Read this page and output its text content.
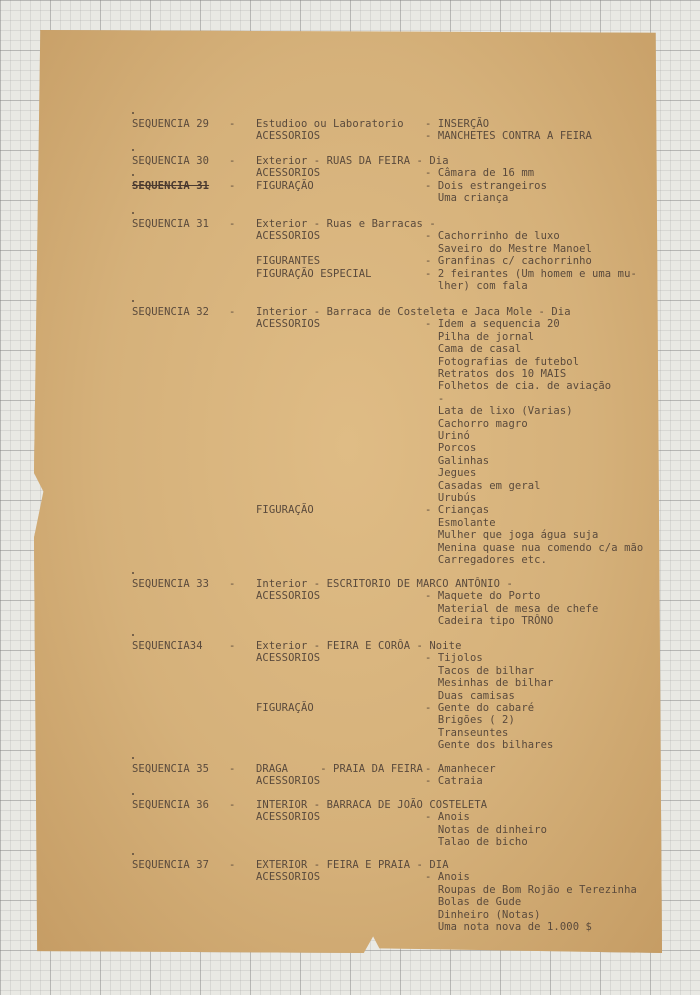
SEQUENCIA 29 - Estudioo ou Laboratorio - INSERÇÃO
ACESSORIOS	- MANCHETES CONTRA A FEIRA
SEQUENCIA 30 - Exterior - RUAS DA FEIRA - Dia
ACESSORIOS	- Câmara de 16 mm
SEQUENCIA 31 - FIGURAÇÃO	- Dois estrangeiros
Uma criança
SEQUENCIA 31 - Exterior - Ruas e Barracas -
ACESSORIOS	- Cachorrinho de luxo
Saveiro do Mestre Manoel
FIGURANTES	- Granfinas c/ cachorrinho
FIGURAÇÃO ESPECIAL	- 2 feirantes (Um homem e uma mu-
lher) com fala
SEQUENCIA 32 - Interior - Barraca de Costeleta e Jaca Mole - Dia
ACESSORIOS	- Idem a sequencia 20
Pilha de jornal
Cama de casal
Fotografias de futebol
Retratos dos 10 MAIS
Folhetos de cia. de aviação
-
Lata de lixo (Varias)
Cachorro magro
Urinó
Porcos
Galinhas
Jegues
Casadas em geral
Urubús
FIGURAÇÃO	- Crianças
Esmolante
Mulher que joga água suja
Menina quase nua comendo c/a mão
Carregadores etc.
SEQUENCIA 33 - Interior - ESCRITORIO DE MARCO ANTÔNIO -
ACESSORIOS	- Maquete do Porto
Material de mesa de chefe
Cadeira tipo TRÔNO
SEQUENCIA34	- Exterior - FEIRA E CORÔA - Noite
ACESSORIOS	- Tijolos
Tacos de bilhar
Mesinhas de bilhar
Duas camisas
FIGURAÇÃO	- Gente do cabaré
Brigões ( 2)
Transeuntes
Gente dos bilhares
SEQUENCIA 35 - DRAGA     - PRAIA DA FEIRA - Amanhecer
ACESSORIOS	- Catraia
SEQUENCIA 36 - INTERIOR - BARRACA DE JOÃO COSTELETA
ACESSORIOS	- Anois
Notas de dinheiro
Talao de bicho
SEQUENCIA 37 - EXTERIOR - FEIRA E PRAIA - DIA
ACESSORIOS	- Anois
Roupas de Bom Rojão e Terezinha
Bolas de Gude
Dinheiro (Notas)
Uma nota nova de 1.000 $
